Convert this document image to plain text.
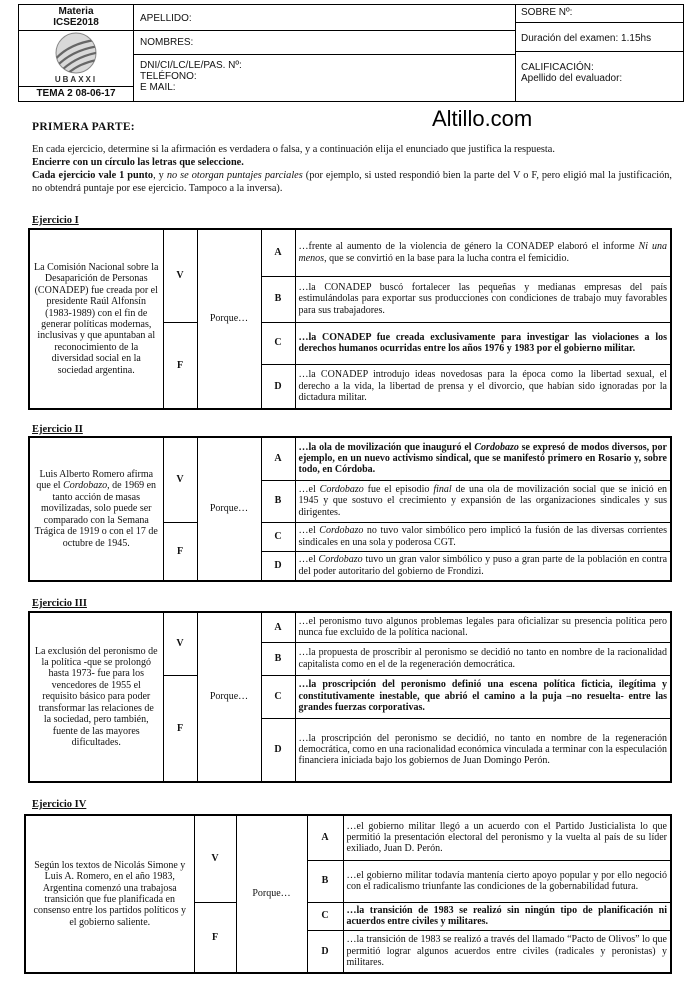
Materia
ICSE2018
UBAXXI
TEMA 2 08-06-17
APELLIDO:
NOMBRES:
DNI/CI/LC/LE/PAS. Nº:
TELÉFONO:
E MAIL:
SOBRE Nº:
Duración del examen: 1.15hs
CALIFICACIÓN:
Apellido del evaluador:
Altillo.com
PRIMERA PARTE:

En cada ejercicio, determine si la afirmación es verdadera o falsa, y a continuación elija el enunciado que justifica la respuesta.

Encierre con un círculo las letras que seleccione.

Cada ejercicio vale 1 punto, y no se otorgan puntajes parciales (por ejemplo, si usted respondió bien la parte del V o F, pero eligió mal la justificación, no obtendrá puntaje por ese ejercicio. Tampoco a la inversa).

Ejercicio I
La Comisión Nacional sobre la Desaparición de Personas (CONADEP) fue creada por el presidente Raúl Alfonsín (1983-1989) con el fin de generar políticas modernas, inclusivas y que apuntaban al reconocimiento de la diversidad social en la sociedad argentina.	V	Porque…	A	…frente al aumento de la violencia de género la CONADEP elaboró el informe Ni una menos, que se convirtió en la base para la lucha contra el femicidio.
			B	…la CONADEP buscó fortalecer las pequeñas y medianas empresas del país estimulándolas para exportar sus producciones con condiciones de trabajo muy favorables para sus trabajadores.
	F		C	…la CONADEP fue creada exclusivamente para investigar las violaciones a los derechos humanos ocurridas entre los años 1976 y 1983 por el gobierno militar.
			D	…la CONADEP introdujo ideas novedosas para la época como la libertad sexual, el derecho a la vida, la libertad de prensa y el divorcio, que habían sido ignoradas por la dictadura militar.
Ejercicio II
Luis Alberto Romero afirma que el Cordobazo, de 1969 en tanto acción de masas movilizadas, solo puede ser comparado con la Semana Trágica de 1919 o con el 17 de octubre de 1945.	V	Porque…	A	…la ola de movilización que inauguró el Cordobazo se expresó de modos diversos, por ejemplo, en un nuevo activismo sindical, que se manifestó primero en Rosario y, sobre todo, en Córdoba.
			B	…el Cordobazo fue el episodio final de una ola de movilización social que se inició en 1945 y que sostuvo el crecimiento y expansión de las organizaciones sindicales y sus dirigentes.
	F		C	…el Cordobazo no tuvo valor simbólico pero implicó la fusión de las diversas corrientes sindicales en una sola y poderosa CGT.
			D	…el Cordobazo tuvo un gran valor simbólico y puso a gran parte de la población en contra del poder autoritario del gobierno de Frondizi.
Ejercicio III
La exclusión del peronismo de la política -que se prolongó hasta 1973- fue para los vencedores de 1955 el requisito básico para poder transformar las relaciones de la sociedad, pero también, fuente de las mayores dificultades.	V	Porque…	A	…el peronismo tuvo algunos problemas legales para oficializar su presencia política pero nunca fue excluido de la política nacional.
			B	…la propuesta de proscribir al peronismo se decidió no tanto en nombre de la racionalidad capitalista como en el de la regeneración democrática.
	F		C	…la proscripción del peronismo definió una escena política ficticia, ilegítima y constitutivamente inestable, que abrió el camino a la puja –no resuelta- entre las grandes fuerzas corporativas.
			D	…la proscripción del peronismo se decidió, no tanto en nombre de la regeneración democrática, como en una racionalidad económica vinculada a terminar con la especulación financiera iniciada bajo los gobiernos de Juan Domingo Perón.
Ejercicio IV
Según los textos de Nicolás Simone y Luis A. Romero, en el año 1983, Argentina comenzó una trabajosa transición que fue planificada en consenso entre los partidos políticos y el gobierno saliente.	V	Porque…	A	…el gobierno militar llegó a un acuerdo con el Partido Justicialista lo que permitió la presentación electoral del peronismo y la vuelta al país de su líder exiliado, Juan D. Perón.
			B	…el gobierno militar todavía mantenía cierto apoyo popular y por ello negoció con el radicalismo triunfante las condiciones de la gobernabilidad futura.
	F		C	…la transición de 1983 se realizó sin ningún tipo de planificación ni acuerdos entre civiles y militares.
			D	…la transición de 1983 se realizó a través del llamado “Pacto de Olivos” lo que permitió lograr algunos acuerdos entre civiles (radicales y peronistas) y militares.
